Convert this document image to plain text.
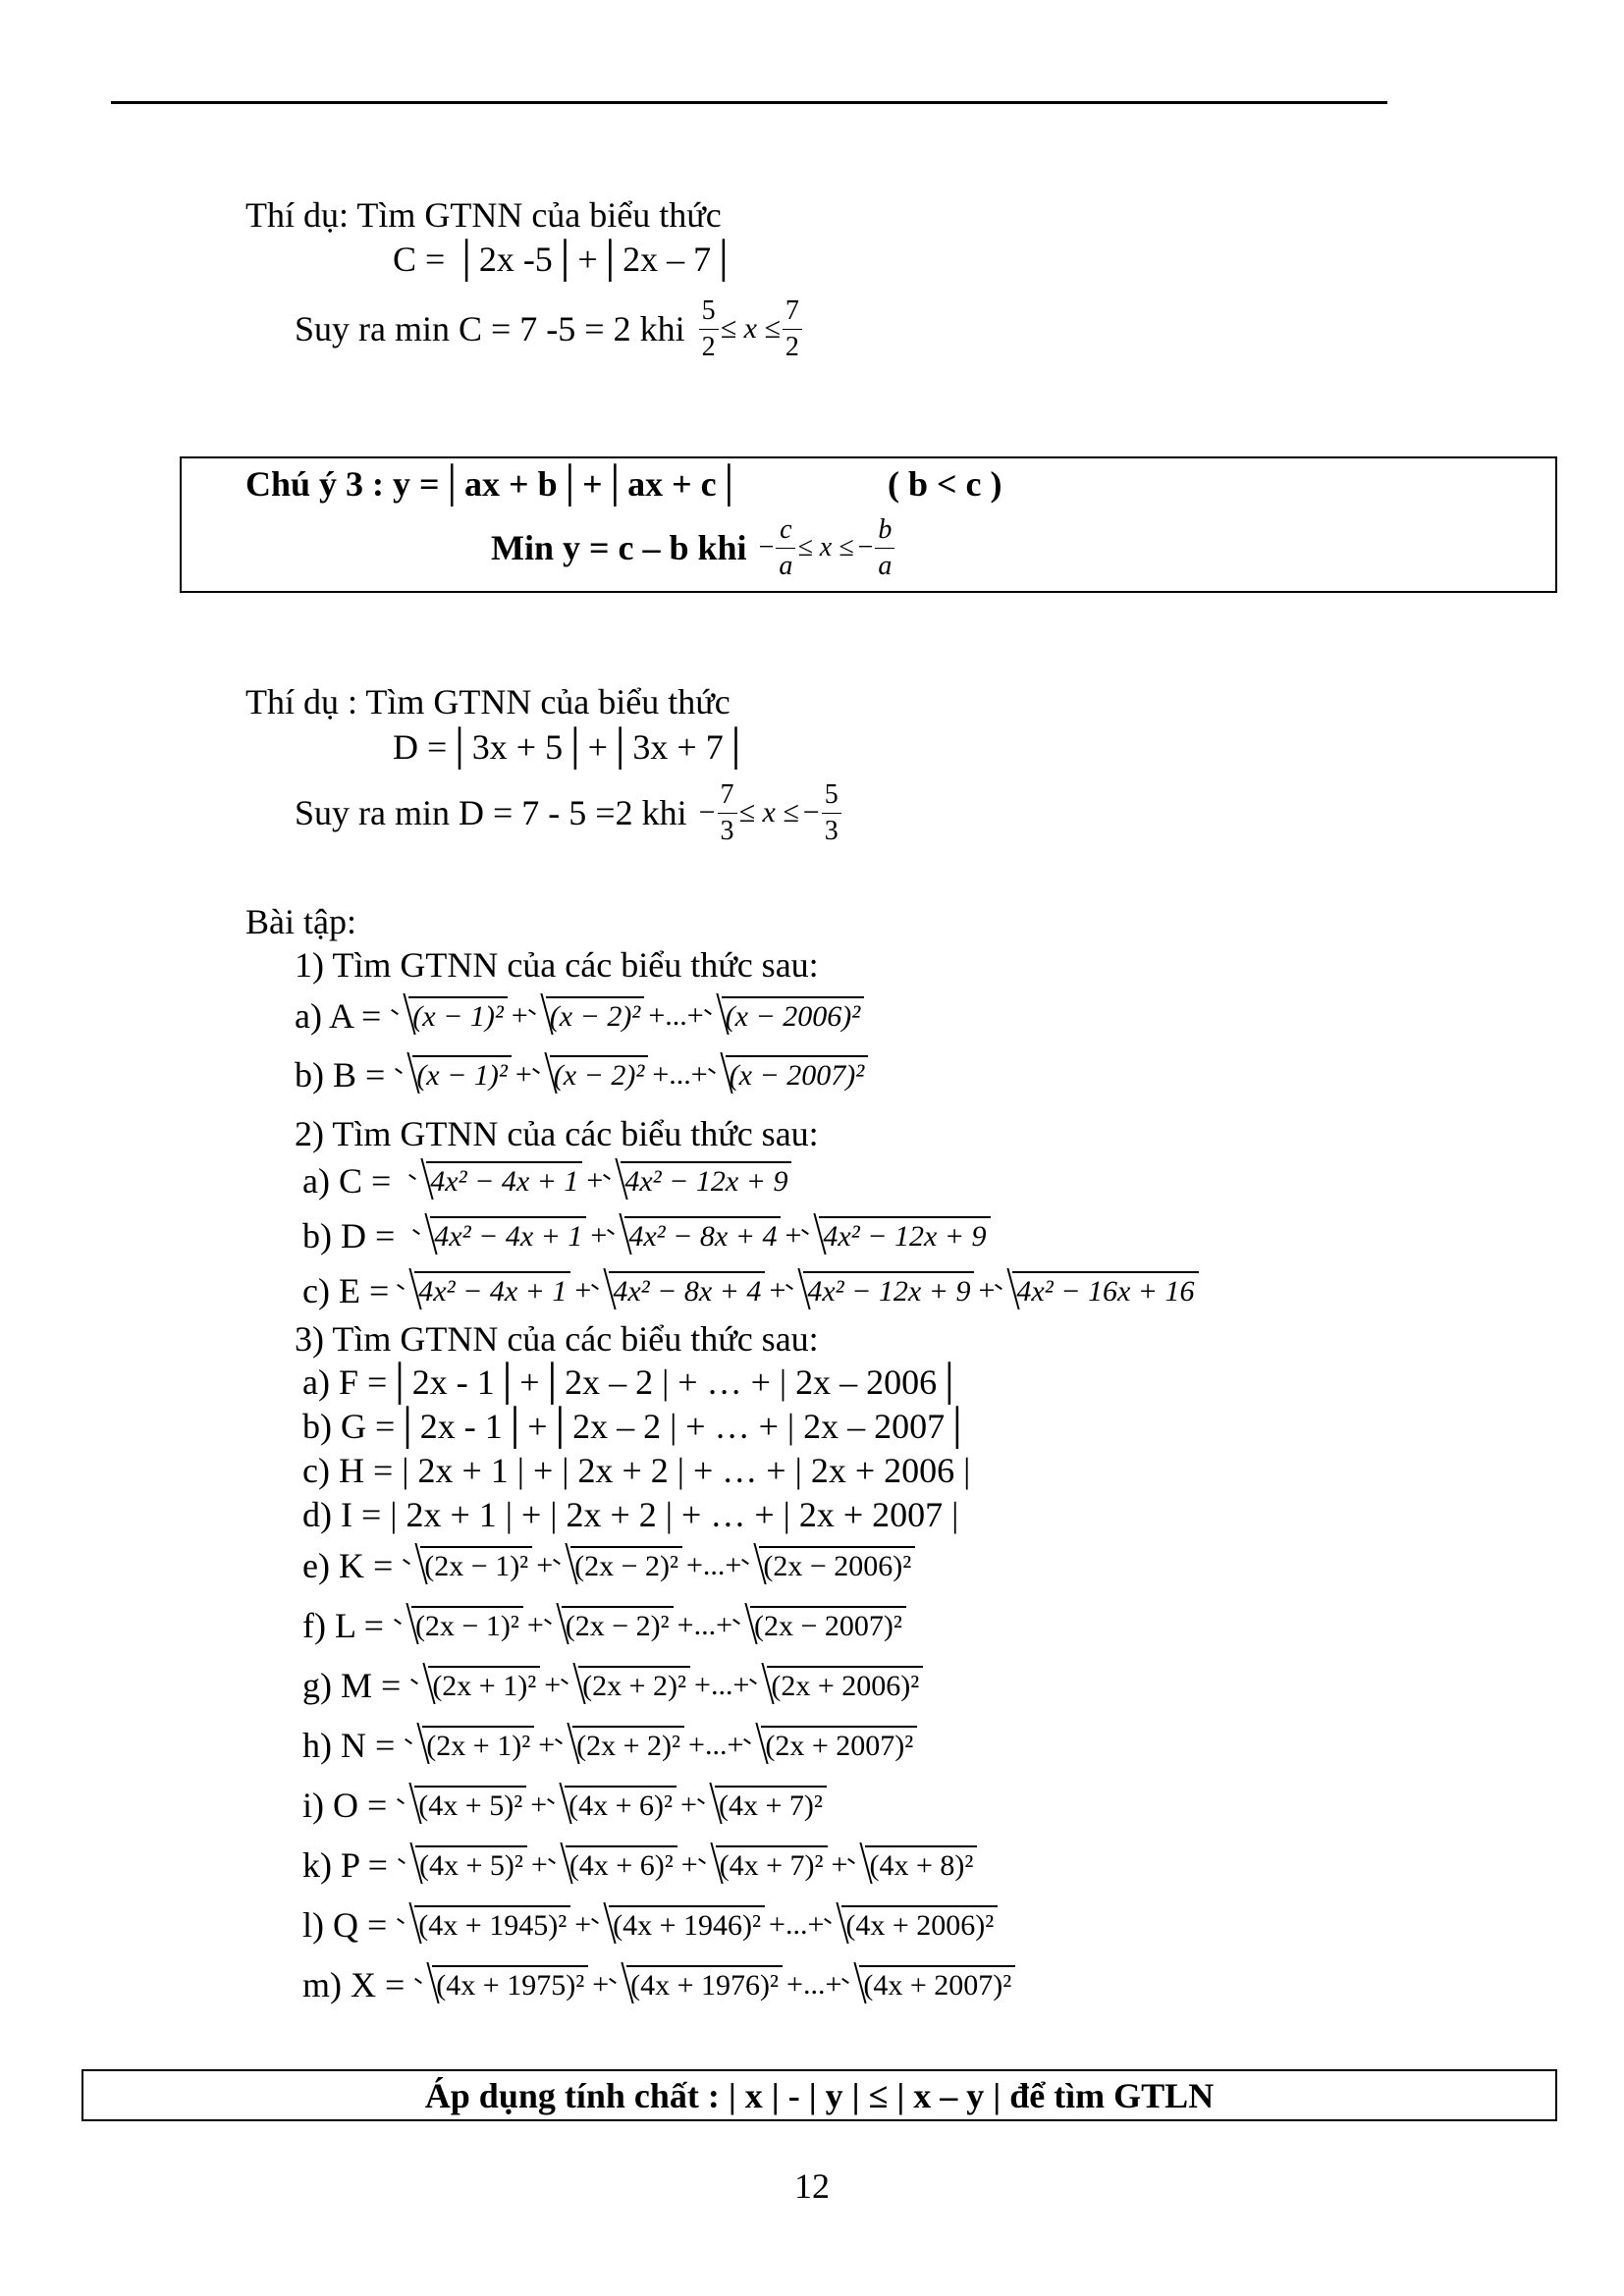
Thí dụ: Tìm GTNN của biểu thức
C = │2x -5│+│2x – 7│
Suy ra min C = 7 -5 = 2 khi $\frac{5}{2} \le x \le \frac{7}{2}$
Chú ý 3 : y =│ax + b│+│ax + c│	( b < c )
Min y = c – b khi − $\frac{c}{a} \le x$ ≤ − $\frac{b}{a}$
Thí dụ : Tìm GTNN của biểu thức
D =│3x + 5│+│3x + 7│
Suy ra min D = 7 - 5 =2 khi − $\frac{7}{3} \le x$ ≤ − $\frac{5}{3}$
Bài tập:
1) Tìm GTNN của các biểu thức sau:
a) A =	(x − 1)² + (x − 2)² +...+ (x − 2006)²
b) B =	(x − 1)² + (x − 2)² +...+ (x − 2007)²
2) Tìm GTNN của các biểu thức sau:
a) C =	4x² − 4x + 1 + 4x² − 12x + 9
b) D =	4x² − 4x + 1 + 4x² − 8x + 4 + 4x² − 12x + 9
c) E =	4x² − 4x + 1 + 4x² − 8x + 4 + 4x² − 12x + 9 + 4x² − 16x + 16
3) Tìm GTNN của các biểu thức sau:
a) F =│2x - 1│+│2x – 2 | + … + | 2x – 2006│
b) G =│2x - 1│+│2x – 2 | + … + | 2x – 2007│
c) H = | 2x + 1 | + | 2x + 2 | + … + | 2x + 2006 |
d) I = | 2x + 1 | + | 2x + 2 | + … + | 2x + 2007 |
e) K =	(2x − 1)² + (2x − 2)² +...+ (2x − 2006)²
f) L =	(2x − 1)² + (2x − 2)² +...+ (2x − 2007)²
g) M =	(2x + 1)² + (2x + 2)² +...+ (2x + 2006)²
h) N =	(2x + 1)² + (2x + 2)² +...+ (2x + 2007)²
i) O =	(4x + 5)² + (4x + 6)² + (4x + 7)²
k) P =	(4x + 5)² + (4x + 6)² + (4x + 7)² + (4x + 8)²
l) Q =	(4x + 1945)² + (4x + 1946)² +...+ (4x + 2006)²
m) X =	(4x + 1975)² + (4x + 1976)² +...+ (4x + 2007)²
Áp dụng tính chất : | x | - | y | ≤ | x – y | để tìm GTLN
12
